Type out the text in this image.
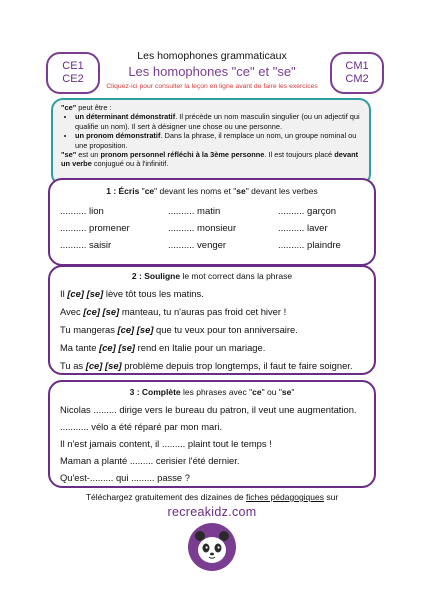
CE1
CE2
CM1
CM2
Les homophones grammaticaux
Les homophones "ce" et "se"
Cliquez-ici pour consulter la leçon en ligne avant de faire les exercices

"ce" peut être :

• un déterminant démonstratif. Il précède un nom masculin singulier (ou un adjectif qui qualifie un nom). Il sert à désigner une chose ou une personne.
• un pronom démonstratif. Dans la phrase, il remplace un nom, un groupe nominal ou une proposition.

"se" est un pronom personnel réfléchi à la 3ème personne. Il est toujours placé devant un verbe conjugué ou à l'infinitif.

1 : Écris "ce" devant les noms et "se" devant les verbes
.......... lion	.......... matin	.......... garçon
.......... promener	.......... monsieur	.......... laver
.......... saisir	.......... venger	.......... plaindre
2 : Souligne le mot correct dans la phrase
Il [ce] [se] lève tôt tous les matins.
Avec [ce] [se] manteau, tu n'auras pas froid cet hiver !
Tu mangeras [ce] [se] que tu veux pour ton anniversaire.
Ma tante [ce] [se] rend en Italie pour un mariage.
Tu as [ce] [se] problème depuis trop longtemps, il faut te faire soigner.
3 : Complète les phrases avec "ce" ou "se"
Nicolas ......... dirige vers le bureau du patron, il veut une augmentation.
........... vélo a été réparé par mon mari.
Il n'est jamais content, il ......... plaint tout le temps !
Maman a planté ......... cerisier l'été dernier.
Qu'est-......... qui ......... passe ?
Téléchargez gratuitement des dizaines de fiches pédagogiques sur
recreakidz.com
